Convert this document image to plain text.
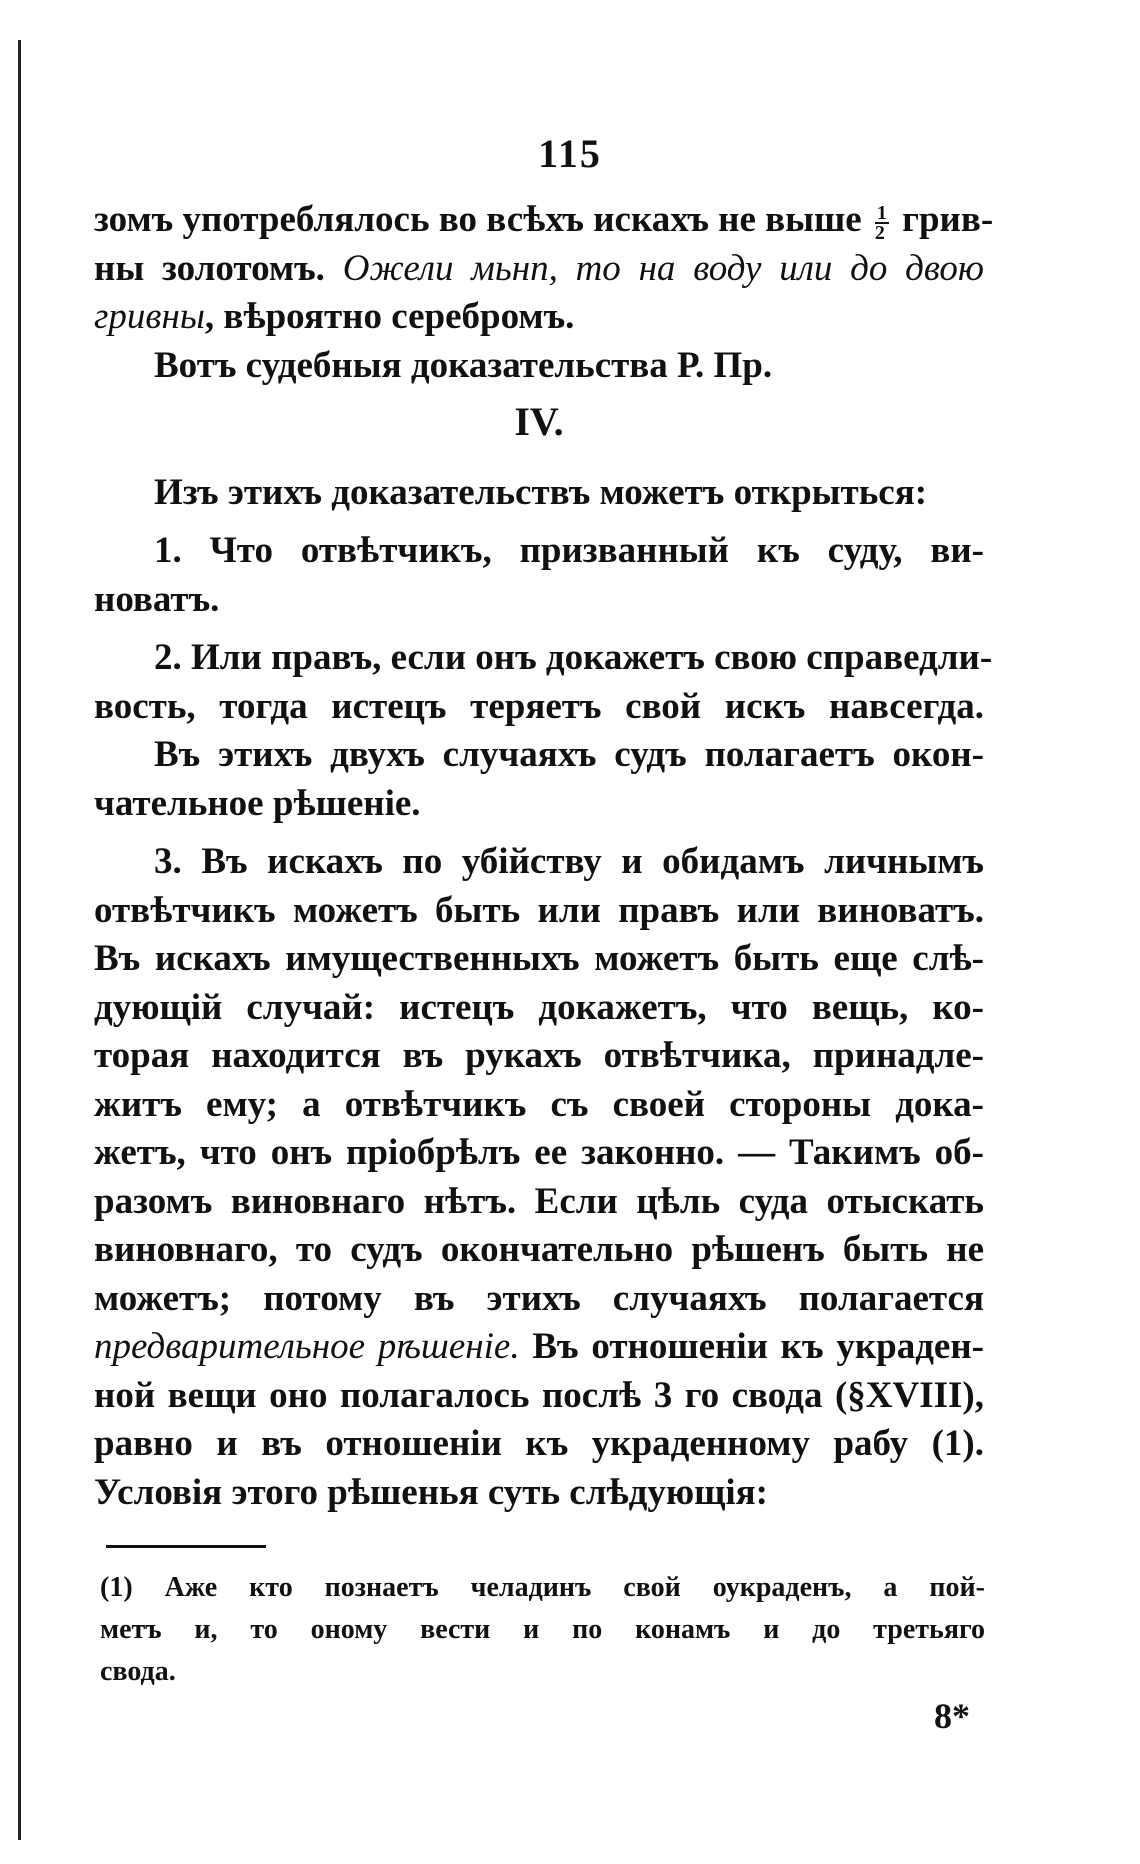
115
зомъ употреблялось во всѣхъ искахъ не выше $\frac{1}{2}$ грив-
ны золотомъ. Ожели мьнп, то на воду или до двою
гривны, вѣроятно серебромъ.
Вотъ судебныя доказательства Р. Пр.
IV.
Изъ этихъ доказательствъ можетъ открыться:
1. Что отвѣтчикъ, призванный къ суду, ви-
новатъ.
2. Или правъ, если онъ докажетъ свою справедли-
вость, тогда истецъ теряетъ свой искъ навсегда.
Въ этихъ двухъ случаяхъ судъ полагаетъ окон-
чательное рѣшеніе.
3. Въ искахъ по убійству и обидамъ личнымъ
отвѣтчикъ можетъ быть или правъ или виноватъ.
Въ искахъ имущественныхъ можетъ быть еще слѣ-
дующій случай: истецъ докажетъ, что вещь, ко-
торая находится въ рукахъ отвѣтчика, принадле-
житъ ему; а отвѣтчикъ съ своей стороны дока-
жетъ, что онъ пріобрѣлъ ее законно. — Такимъ об-
разомъ виновнаго нѣтъ. Если цѣль суда отыскать
виновнаго, то судъ окончательно рѣшенъ быть не
можетъ; потому въ этихъ случаяхъ полагается
предварительное рѣшеніе. Въ отношеніи къ украден-
ной вещи оно полагалось послѣ 3 го свода (§XVIII),
равно и въ отношеніи къ украденному рабу (1).
Условія этого рѣшенья суть слѣдующія:
(1) Аже кто познаетъ челадинъ свой оукраденъ, а пой-
метъ и, то оному вести и по конамъ и до третьяго
свода.
8*
